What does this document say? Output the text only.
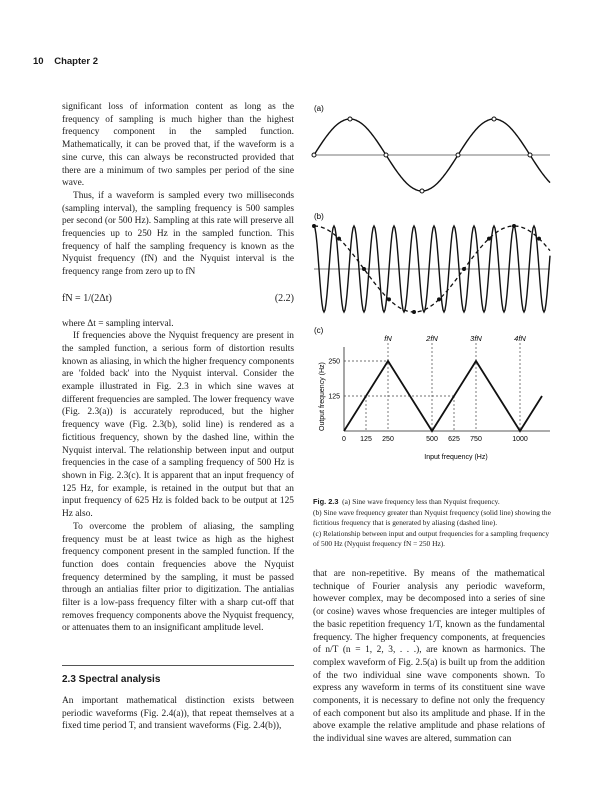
10 Chapter 2

significant loss of information content as long as the frequency of sampling is much higher than the highest frequency component in the sampled function. Mathematically, it can be proved that, if the waveform is a sine curve, this can always be reconstructed provided that there are a minimum of two samples per period of the sine wave.

Thus, if a waveform is sampled every two milliseconds (sampling interval), the sampling frequency is 500 samples per second (or 500 Hz). Sampling at this rate will preserve all frequencies up to 250 Hz in the sampled function. This frequency of half the sampling frequency is known as the Nyquist frequency (fN) and the Nyquist interval is the frequency range from zero up to fN

fN = 1/(2Δt)	(2.2)

where Δt = sampling interval.

If frequencies above the Nyquist frequency are present in the sampled function, a serious form of distortion results known as aliasing, in which the higher frequency components are 'folded back' into the Nyquist interval. Consider the example illustrated in Fig. 2.3 in which sine waves at different frequencies are sampled. The lower frequency wave (Fig. 2.3(a)) is accurately reproduced, but the higher frequency wave (Fig. 2.3(b), solid line) is rendered as a fictitious frequency, shown by the dashed line, within the Nyquist interval. The relationship between input and output frequencies in the case of a sampling frequency of 500 Hz is shown in Fig. 2.3(c). It is apparent that an input frequency of 125 Hz, for example, is retained in the output but that an input frequency of 625 Hz is folded back to be output at 125 Hz also.

To overcome the problem of aliasing, the sampling frequency must be at least twice as high as the highest frequency component present in the sampled function. If the function does contain frequencies above the Nyquist frequency determined by the sampling, it must be passed through an antialias filter prior to digitization. The antialias filter is a low-pass frequency filter with a sharp cut-off that removes frequency components above the Nyquist frequency, or attenuates them to an insignificant amplitude level.

2.3 Spectral analysis

An important mathematical distinction exists between periodic waveforms (Fig. 2.4(a)), that repeat themselves at a fixed time period T, and transient waveforms (Fig. 2.4(b)),

(a)
(b)
(c)
Output frequency (Hz)
fN	2fN	3fN	4fN
250
125
0 125 250	500 625 750	1000
Input frequency (Hz)
Fig. 2.3 (a) Sine wave frequency less than Nyquist frequency.
(b) Sine wave frequency greater than Nyquist frequency (solid line) showing the fictitious frequency that is generated by aliasing (dashed line).
(c) Relationship between input and output frequencies for a sampling frequency of 500 Hz (Nyquist frequency fN = 250 Hz).

that are non-repetitive. By means of the mathematical technique of Fourier analysis any periodic waveform, however complex, may be decomposed into a series of sine (or cosine) waves whose frequencies are integer multiples of the basic repetition frequency 1/T, known as the fundamental frequency. The higher frequency components, at frequencies of n/T (n = 1, 2, 3, . . .), are known as harmonics. The complex waveform of Fig. 2.5(a) is built up from the addition of the two individual sine wave components shown. To express any waveform in terms of its constituent sine wave components, it is necessary to define not only the frequency of each component but also its amplitude and phase. If in the above example the relative amplitude and phase relations of the individual sine waves are altered, summation can
